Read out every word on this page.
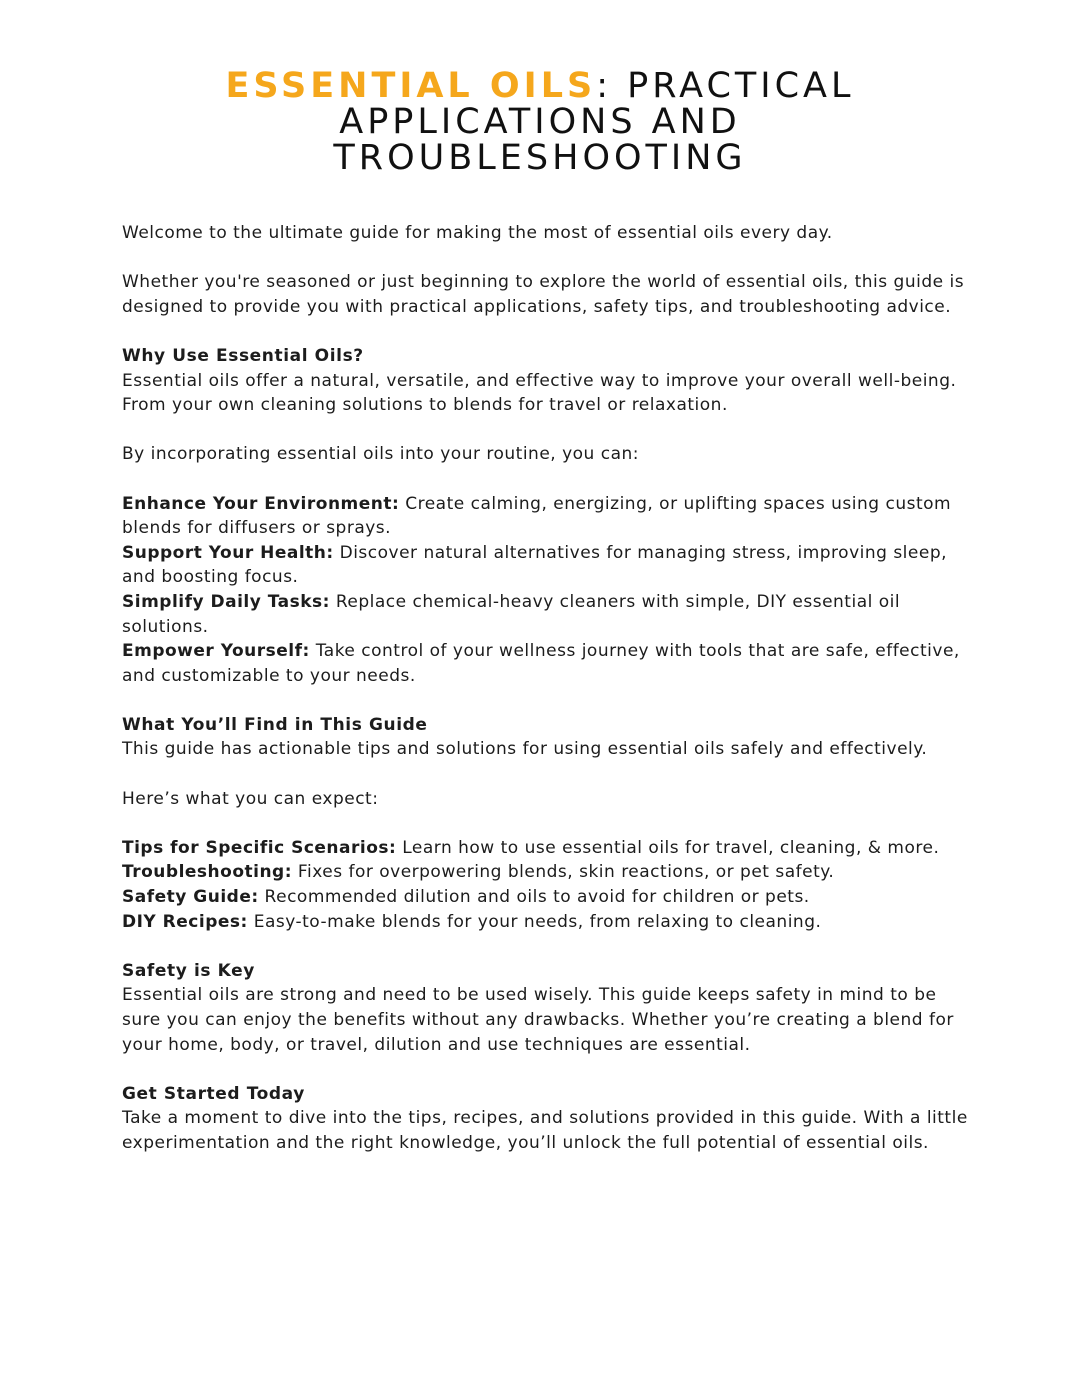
ESSENTIAL OILS: PRACTICAL APPLICATIONS AND TROUBLESHOOTING

Welcome to the ultimate guide for making the most of essential oils every day.

Whether you're seasoned or just beginning to explore the world of essential oils, this guide is designed to provide you with practical applications, safety tips, and troubleshooting advice.

Why Use Essential Oils?

Essential oils offer a natural, versatile, and effective way to improve your overall well-being. From your own cleaning solutions to blends for travel or relaxation.

By incorporating essential oils into your routine, you can:

Enhance Your Environment: Create calming, energizing, or uplifting spaces using custom blends for diffusers or sprays.

Support Your Health: Discover natural alternatives for managing stress, improving sleep, and boosting focus.

Simplify Daily Tasks: Replace chemical-heavy cleaners with simple, DIY essential oil solutions.

Empower Yourself: Take control of your wellness journey with tools that are safe, effective, and customizable to your needs.

What You’ll Find in This Guide

This guide has actionable tips and solutions for using essential oils safely and effectively.

Here’s what you can expect:

Tips for Specific Scenarios: Learn how to use essential oils for travel, cleaning, & more.

Troubleshooting: Fixes for overpowering blends, skin reactions, or pet safety.

Safety Guide: Recommended dilution and oils to avoid for children or pets.

DIY Recipes: Easy-to-make blends for your needs, from relaxing to cleaning.

Safety is Key

Essential oils are strong and need to be used wisely. This guide keeps safety in mind to be sure you can enjoy the benefits without any drawbacks. Whether you’re creating a blend for your home, body, or travel, dilution and use techniques are essential.

Get Started Today

Take a moment to dive into the tips, recipes, and solutions provided in this guide. With a little experimentation and the right knowledge, you’ll unlock the full potential of essential oils.
